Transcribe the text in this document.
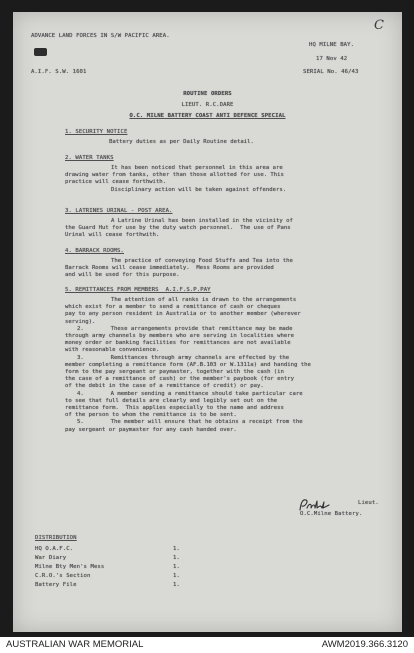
C
ADVANCE LAND FORCES IN S/W PACIFIC AREA.
HQ MILNE BAY.
17 Nov 42
A.I.F. S.W. 1601	SERIAL No. 46/43
ROUTINE ORDERS
LIEUT. R.C.DARE
O.C. MILNE BATTERY COAST ANTI DEFENCE SPECIAL
1. SECURITY NOTICE
Battery duties as per Daily Routine detail.
2. WATER TANKS
It has been noticed that personnel in this area are
drawing water from tanks, other than those allotted for use. This
practice will cease forthwith.
Disciplinary action will be taken against offenders.
3. LATRINES URINAL - POST AREA.
A Latrine Urinal has been installed in the vicinity of
the Guard Hut for use by the duty watch personnel.  The use of Pans
Urinal will cease forthwith.
4. BARRACK ROOMS.
The practice of conveying Food Stuffs and Tea into the
Barrack Rooms will cease immediately.  Mess Rooms are provided
and will be used for this purpose.
5. REMITTANCES FROM MEMBERS  A.I.F.S.P.PAY
The attention of all ranks is drawn to the arrangements
which exist for a member to send a remittance of cash or cheques
pay to any person resident in Australia or to another member (wherever
serving).
2.        These arrangements provide that remittance may be made
through army channels by members who are serving in localities where
money order or banking facilities for remittances are not available
with reasonable convenience.
3.        Remittances through army channels are effected by the
member completing a remittance form (AF.B.103 or W.1311a) and handing the
form to the pay sergeant or paymaster, together with the cash (in
the case of a remittance of cash) or the member's paybook (for entry
of the debit in the case of a remittance of credit) or pay.
4.        A member sending a remittance should take particular care
to see that full details are clearly and legibly set out on the
remittance form.  This applies especially to the name and address
of the person to whom the remittance is to be sent.
5.        The member will ensure that he obtains a receipt from the
pay sergeant or paymaster for any cash handed over.
Lieut.
O.C.Milne Battery.
DISTRIBUTION
HQ O.A.F.C.	1.
War Diary	1.
Milne Bty Men's Mess	1.
C.R.O.'s Section	1.
Battery File	1.
AUSTRALIAN WAR MEMORIAL	AWM2019.366.3120
